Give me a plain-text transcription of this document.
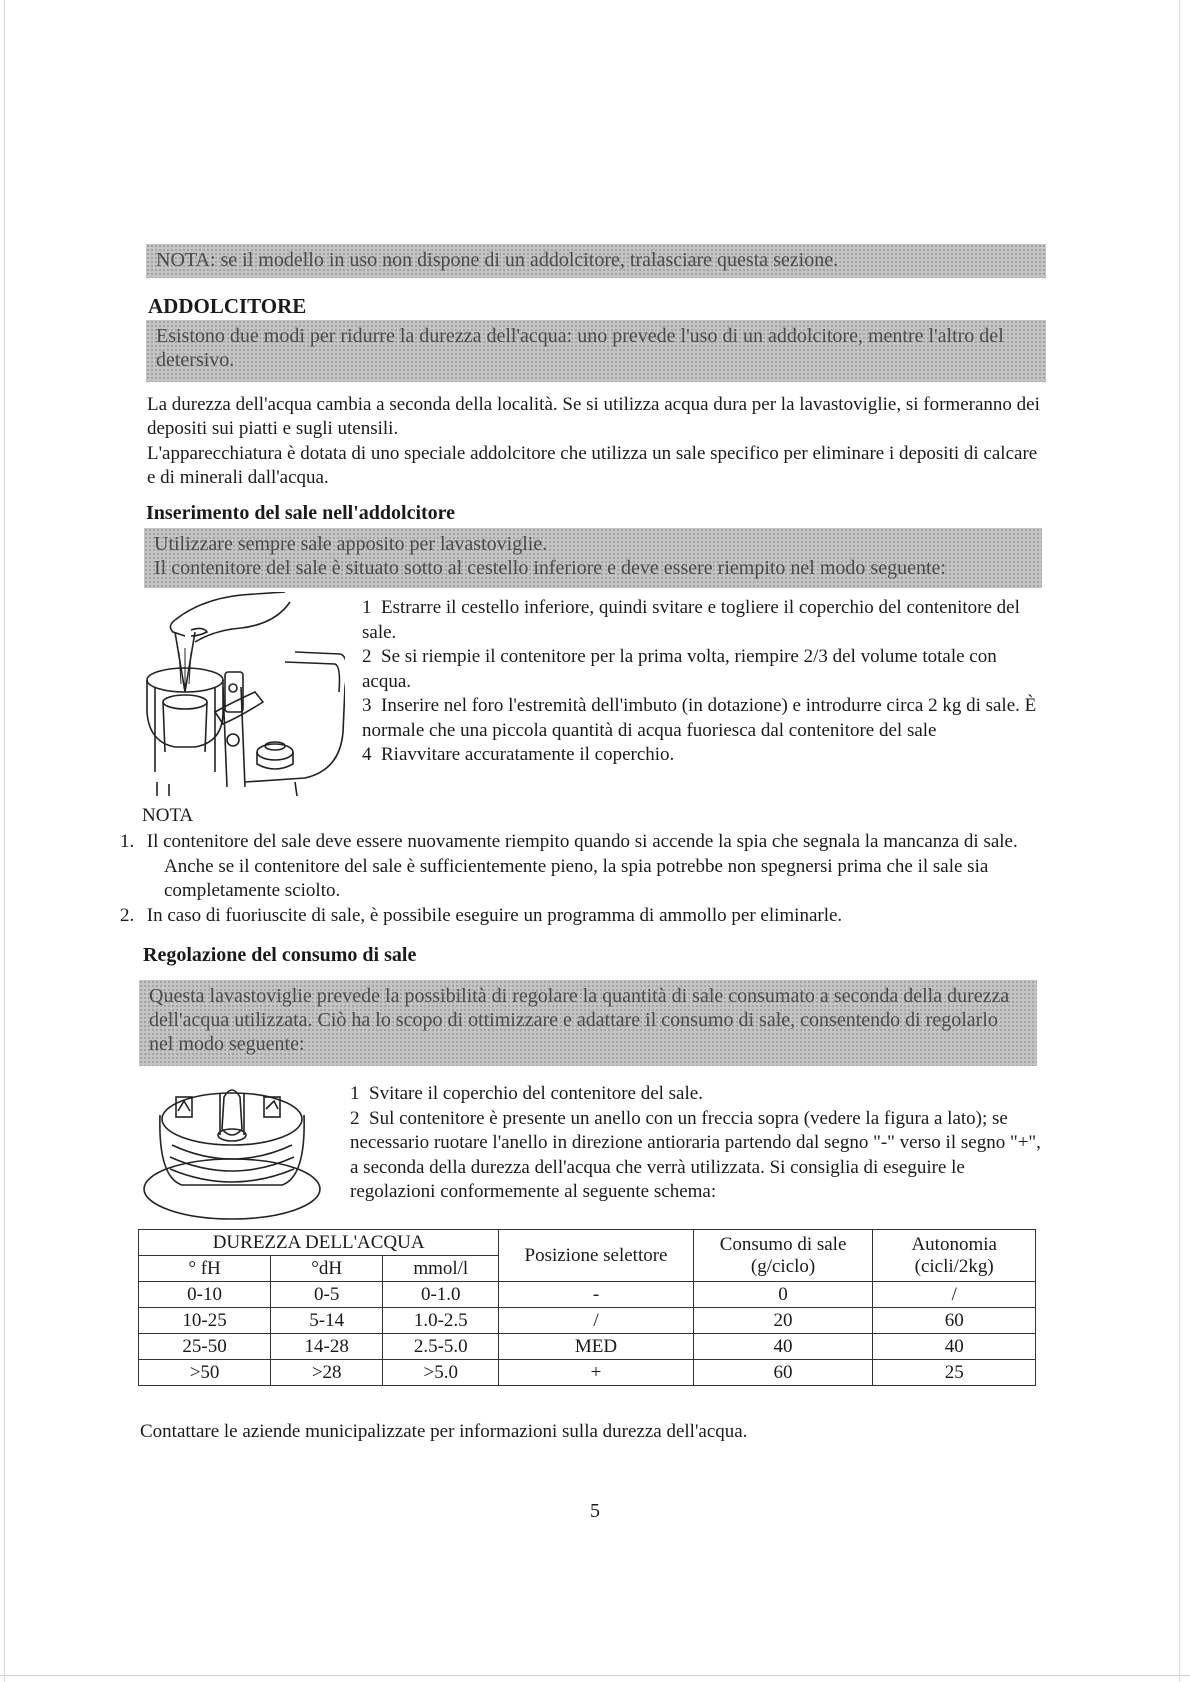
NOTA: se il modello in uso non dispone di un addolcitore, tralasciare questa sezione.
ADDOLCITORE
Esistono due modi per ridurre la durezza dell'acqua: uno prevede l'uso di un addolcitore, mentre l'altro del detersivo.
La durezza dell'acqua cambia a seconda della località. Se si utilizza acqua dura per la lavastoviglie, si formeranno dei depositi sui piatti e sugli utensili.
L'apparecchiatura è dotata di uno speciale addolcitore che utilizza un sale specifico per eliminare i depositi di calcare e di minerali dall'acqua.
Inserimento del sale nell'addolcitore
Utilizzare sempre sale apposito per lavastoviglie.
Il contenitore del sale è situato sotto al cestello inferiore e deve essere riempito nel modo seguente:
1 Estrarre il cestello inferiore, quindi svitare e togliere il coperchio del contenitore del sale.
2 Se si riempie il contenitore per la prima volta, riempire 2/3 del volume totale con acqua.
3 Inserire nel foro l'estremità dell'imbuto (in dotazione) e introdurre circa 2 kg di sale. È normale che una piccola quantità di acqua fuoriesca dal contenitore del sale
4 Riavvitare accuratamente il coperchio.
NOTA
1. Il contenitore del sale deve essere nuovamente riempito quando si accende la spia che segnala la mancanza di sale. Anche se il contenitore del sale è sufficientemente pieno, la spia potrebbe non spegnersi prima che il sale sia completamente sciolto.
2. In caso di fuoriuscite di sale, è possibile eseguire un programma di ammollo per eliminarle.
Regolazione del consumo di sale
Questa lavastoviglie prevede la possibilità di regolare la quantità di sale consumato a seconda della durezza dell'acqua utilizzata. Ciò ha lo scopo di ottimizzare e adattare il consumo di sale, consentendo di regolarlo nel modo seguente:
1 Svitare il coperchio del contenitore del sale.
2 Sul contenitore è presente un anello con un freccia sopra (vedere la figura a lato); se necessario ruotare l'anello in direzione antioraria partendo dal segno "-" verso il segno "+", a seconda della durezza dell'acqua che verrà utilizzata. Si consiglia di eseguire le regolazioni conformemente al seguente schema:
DUREZZA DELL'ACQUA			Posizione selettore	Consumo di sale (g/ciclo)	Autonomia (cicli/2kg)
° fH	°dH	mmol/l			
0-10	0-5	0-1.0	-	0	/
10-25	5-14	1.0-2.5	/	20	60
25-50	14-28	2.5-5.0	MED	40	40
>50	>28	>5.0	+	60	25
Contattare le aziende municipalizzate per informazioni sulla durezza dell'acqua.
5
